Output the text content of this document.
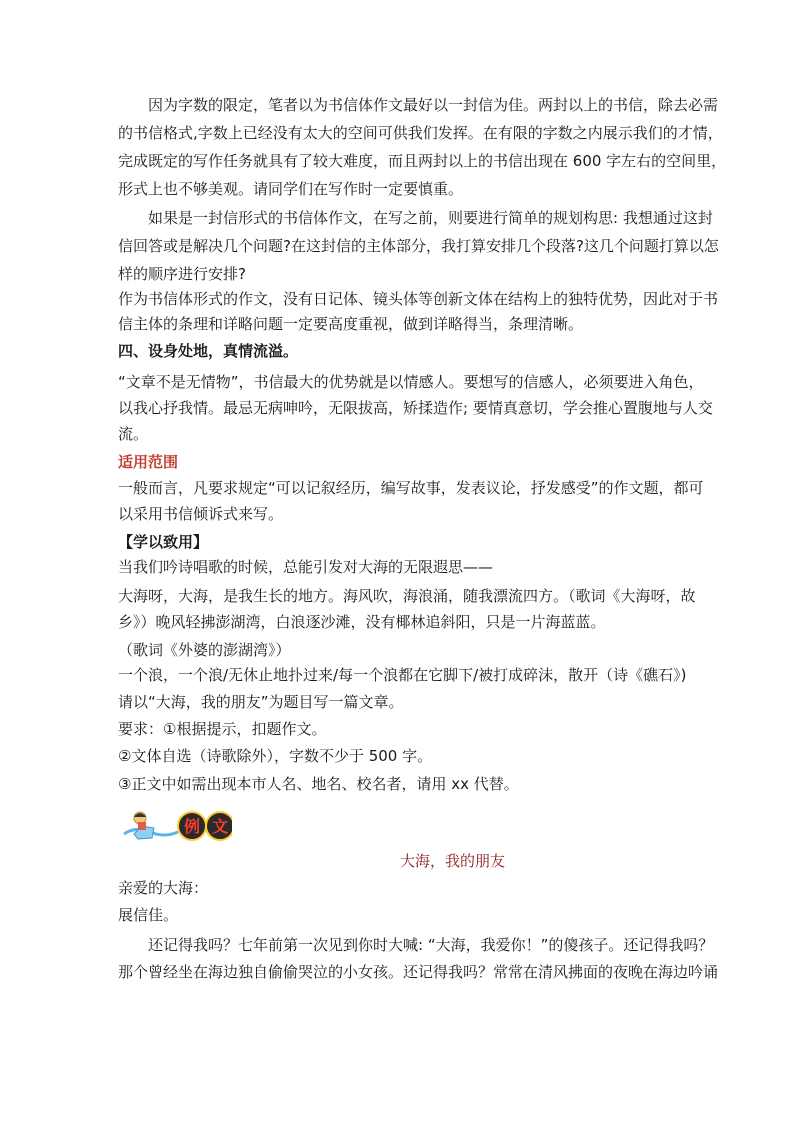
因为字数的限定，笔者以为书信体作文最好以一封信为佳。两封以上的书信，除去必需
的书信格式,字数上已经没有太大的空间可供我们发挥。在有限的字数之内展示我们的才情，
完成既定的写作任务就具有了较大难度，而且两封以上的书信出现在 600 字左右的空间里，
形式上也不够美观。请同学们在写作时一定要慎重。
如果是一封信形式的书信体作文，在写之前，则要进行简单的规划构思: 我想通过这封
信回答或是解决几个问题?在这封信的主体部分，我打算安排几个段落?这几个问题打算以怎
样的顺序进行安排?
作为书信体形式的作文，没有日记体、镜头体等创新文体在结构上的独特优势，因此对于书
信主体的条理和详略问题一定要高度重视，做到详略得当，条理清晰。
四、设身处地，真情流溢。
“文章不是无情物”，书信最大的优势就是以情感人。要想写的信感人，必须要进入角色，
以我心抒我情。最忌无病呻吟，无限拔高，矫揉造作; 要情真意切，学会推心置腹地与人交
流。
适用范围
一般而言，凡要求规定“可以记叙经历，编写故事，发表议论，抒发感受”的作文题，都可
以采用书信倾诉式来写。
【学以致用】
当我们吟诗唱歌的时候，总能引发对大海的无限遐思——
大海呀，大海，是我生长的地方。海风吹，海浪涌，随我漂流四方。（歌词《大海呀，故
乡》）晚风轻拂澎湖湾，白浪逐沙滩，没有椰林追斜阳，只是一片海蓝蓝。
（歌词《外婆的澎湖湾》）
一个浪，一个浪/无休止地扑过来/每一个浪都在它脚下/被打成碎沫，散开（诗《礁石》)
请以“大海，我的朋友”为题目写一篇文章。
要求：①根据提示，扣题作文。
②文体自选（诗歌除外），字数不少于 500 字。
③正文中如需出现本市人名、地名、校名者，请用 xx 代替。
例 文
大海，我的朋友
亲爱的大海：
展信佳。
还记得我吗？七年前第一次见到你时大喊: “大海，我爱你！”的傻孩子。还记得我吗？
那个曾经坐在海边独自偷偷哭泣的小女孩。还记得我吗？常常在清风拂面的夜晚在海边吟诵
